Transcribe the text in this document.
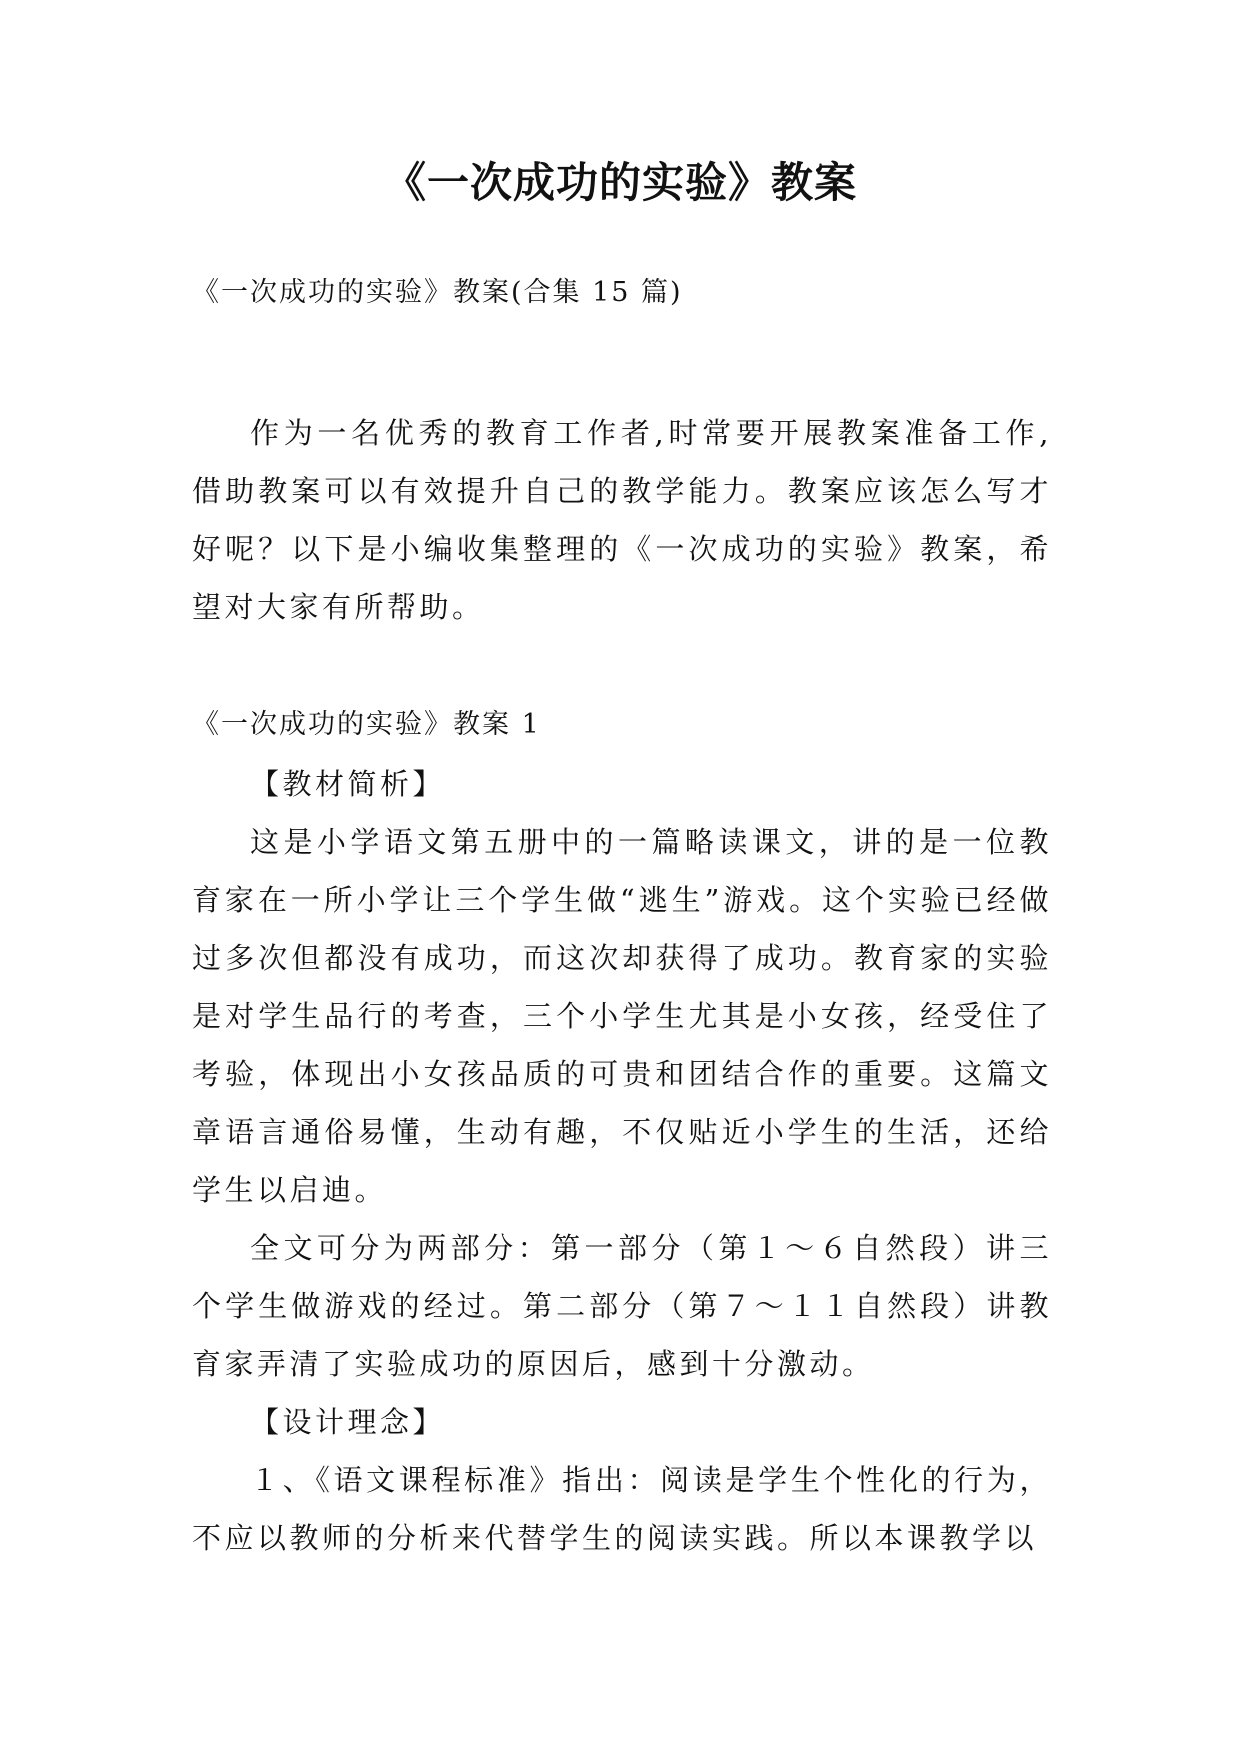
《一次成功的实验》教案
《一次成功的实验》教案(合集 15 篇)

作为一名优秀的教育工作者,时常要开展教案准备工作,借助教案可以有效提升自己的教学能力。教案应该怎么写才好呢？以下是小编收集整理的《一次成功的实验》教案，希望对大家有所帮助。

《一次成功的实验》教案 1
【教材简析】

这是小学语文第五册中的一篇略读课文，讲的是一位教育家在一所小学让三个学生做“逃生”游戏。这个实验已经做过多次但都没有成功，而这次却获得了成功。教育家的实验是对学生品行的考查，三个小学生尤其是小女孩，经受住了考验，体现出小女孩品质的可贵和团结合作的重要。这篇文章语言通俗易懂，生动有趣，不仅贴近小学生的生活，还给学生以启迪。

全文可分为两部分：第一部分（第１～６自然段）讲三个学生做游戏的经过。第二部分（第７～１１自然段）讲教育家弄清了实验成功的原因后，感到十分激动。

【设计理念】

１、《语文课程标准》指出：阅读是学生个性化的行为，不应以教师的分析来代替学生的阅读实践。所以本课教学以
